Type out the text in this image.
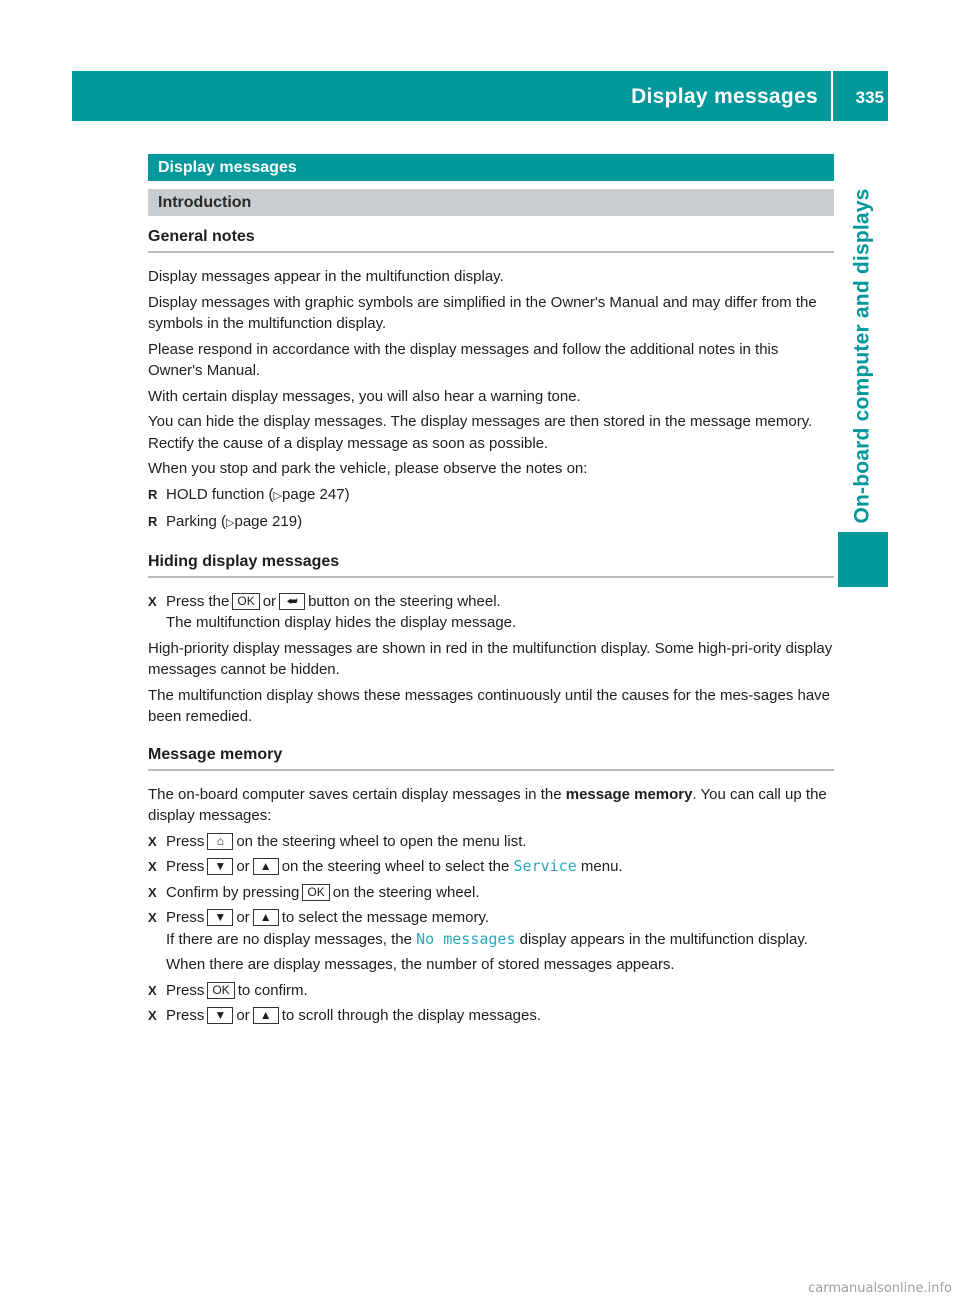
Display messages 335
On-board computer and displays
Display messages
Introduction
General notes

Display messages appear in the multifunction display.

Display messages with graphic symbols are simplified in the Owner's Manual and may differ from the symbols in the multifunction display.

Please respond in accordance with the display messages and follow the additional notes in this Owner's Manual.

With certain display messages, you will also hear a warning tone.

You can hide the display messages. The display messages are then stored in the message memory. Rectify the cause of a display message as soon as possible.

When you stop and park the vehicle, please observe the notes on:

R HOLD function (▷page 247)
R Parking (▷page 219)
Hiding display messages
X Press the OK or ⮨ button on the steering wheel.
The multifunction display hides the display message.

High-priority display messages are shown in red in the multifunction display. Some high-pri-ority display messages cannot be hidden.

The multifunction display shows these messages continuously until the causes for the mes-sages have been remedied.

Message memory

The on-board computer saves certain display messages in the message memory. You can call up the display messages:

X Press ⌂ on the steering wheel to open the menu list.
X Press ▼ or ▲ on the steering wheel to select the Service menu.
X Confirm by pressing OK on the steering wheel.
X Press ▼ or ▲ to select the message memory.
If there are no display messages, the No messages display appears in the multifunction display.
When there are display messages, the number of stored messages appears.
X Press OK to confirm.
X Press ▼ or ▲ to scroll through the display messages.
carmanualsonline.info
